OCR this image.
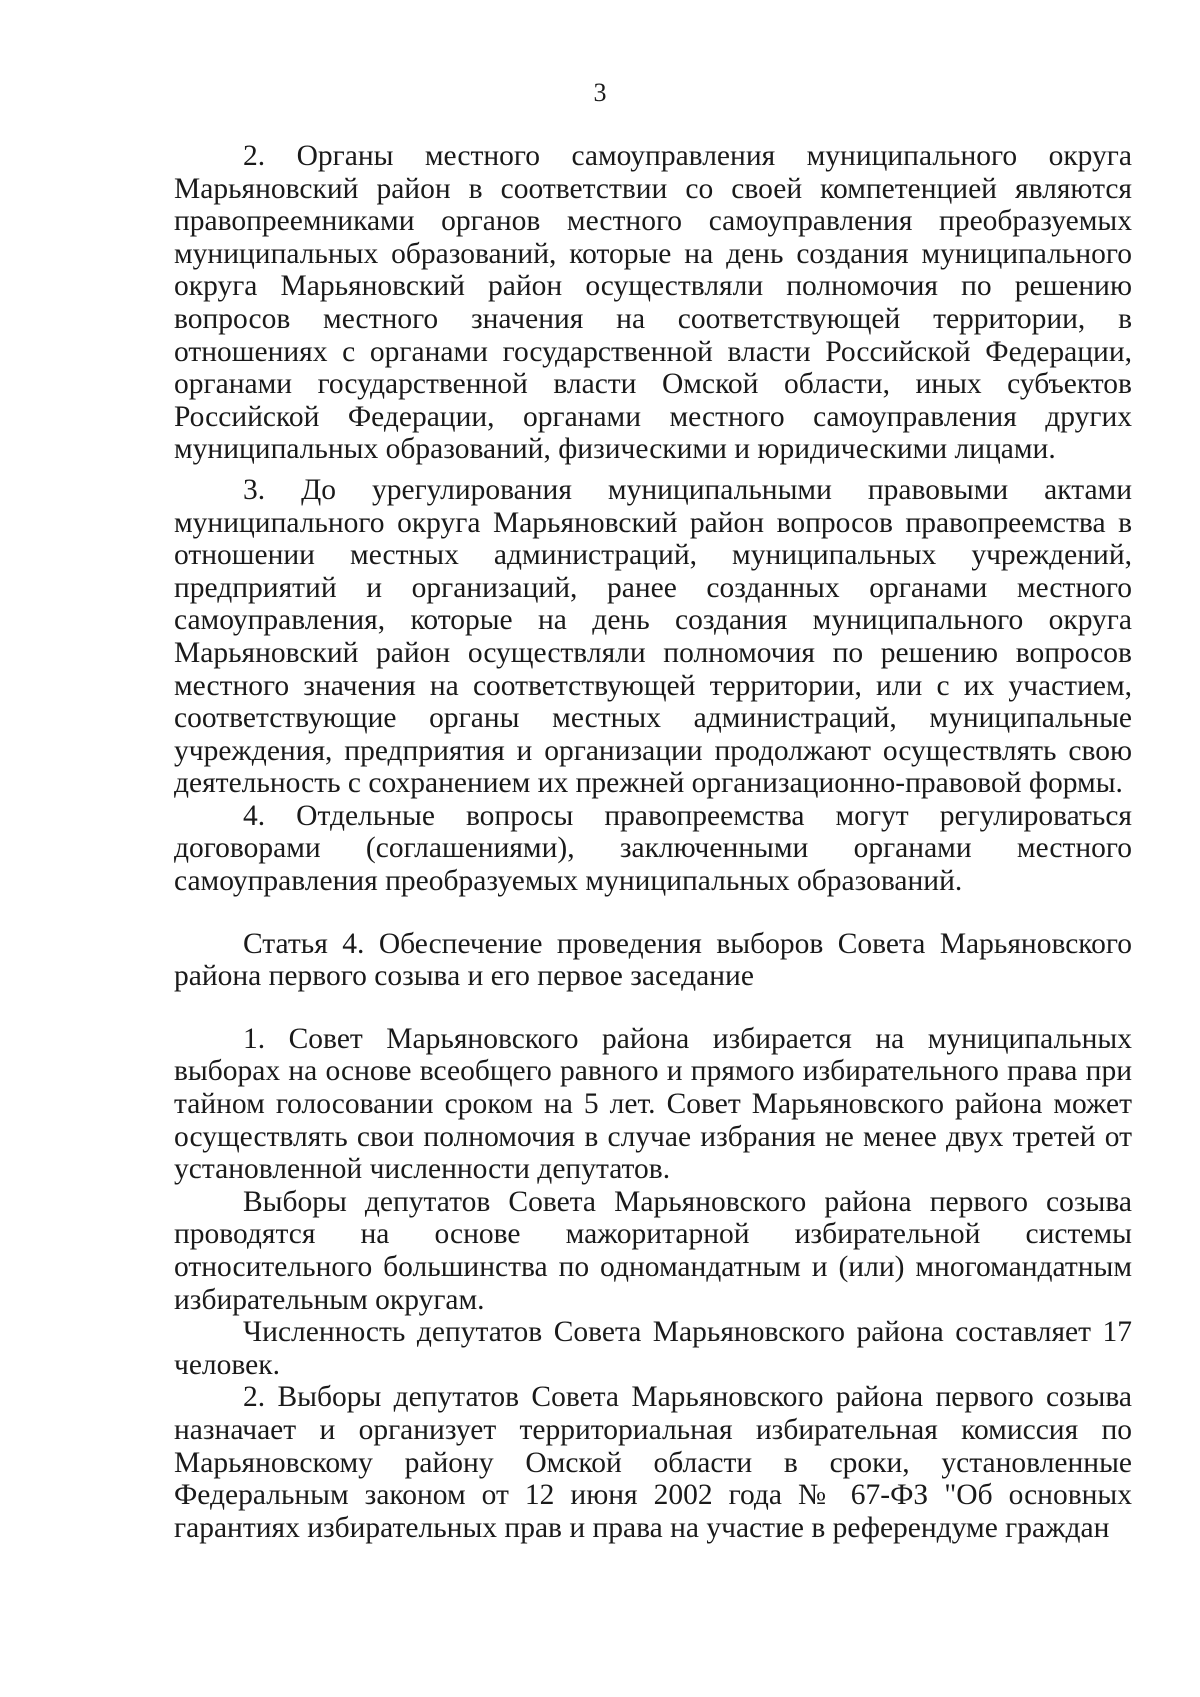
3

2. Органы местного самоуправления муниципального округа Марьяновский район в соответствии со своей компетенцией являются правопреемниками органов местного самоуправления преобразуемых муниципальных образований, которые на день создания муниципального округа Марьяновский район осуществляли полномочия по решению вопросов местного значения на соответствующей территории, в отношениях с органами государственной власти Российской Федерации, органами государственной власти Омской области, иных субъектов Российской Федерации, органами местного самоуправления других муниципальных образований, физическими и юридическими лицами.

3. До урегулирования муниципальными правовыми актами муниципального округа Марьяновский район вопросов правопреемства в отношении местных администраций, муниципальных учреждений, предприятий и организаций, ранее созданных органами местного самоуправления, которые на день создания муниципального округа Марьяновский район осуществляли полномочия по решению вопросов местного значения на соответствующей территории, или с их участием, соответствующие органы местных администраций, муниципальные учреждения, предприятия и организации продолжают осуществлять свою деятельность с сохранением их прежней организационно-правовой формы.

4. Отдельные вопросы правопреемства могут регулироваться договорами (соглашениями), заключенными органами местного самоуправления преобразуемых муниципальных образований.

Статья 4. Обеспечение проведения выборов Совета Марьяновского района первого созыва и его первое заседание

1. Совет Марьяновского района избирается на муниципальных выборах на основе всеобщего равного и прямого избирательного права при тайном голосовании сроком на 5 лет. Совет Марьяновского района может осуществлять свои полномочия в случае избрания не менее двух третей от установленной численности депутатов.

Выборы депутатов Совета Марьяновского района первого созыва проводятся на основе мажоритарной избирательной системы относительного большинства по одномандатным и (или) многомандатным избирательным округам.

Численность депутатов Совета Марьяновского района составляет 17 человек.

2. Выборы депутатов Совета Марьяновского района первого созыва назначает и организует территориальная избирательная комиссия по Марьяновскому району Омской области в сроки, установленные Федеральным законом от 12 июня 2002 года № 67-ФЗ "Об основных гарантиях избирательных прав и права на участие в референдуме граждан
